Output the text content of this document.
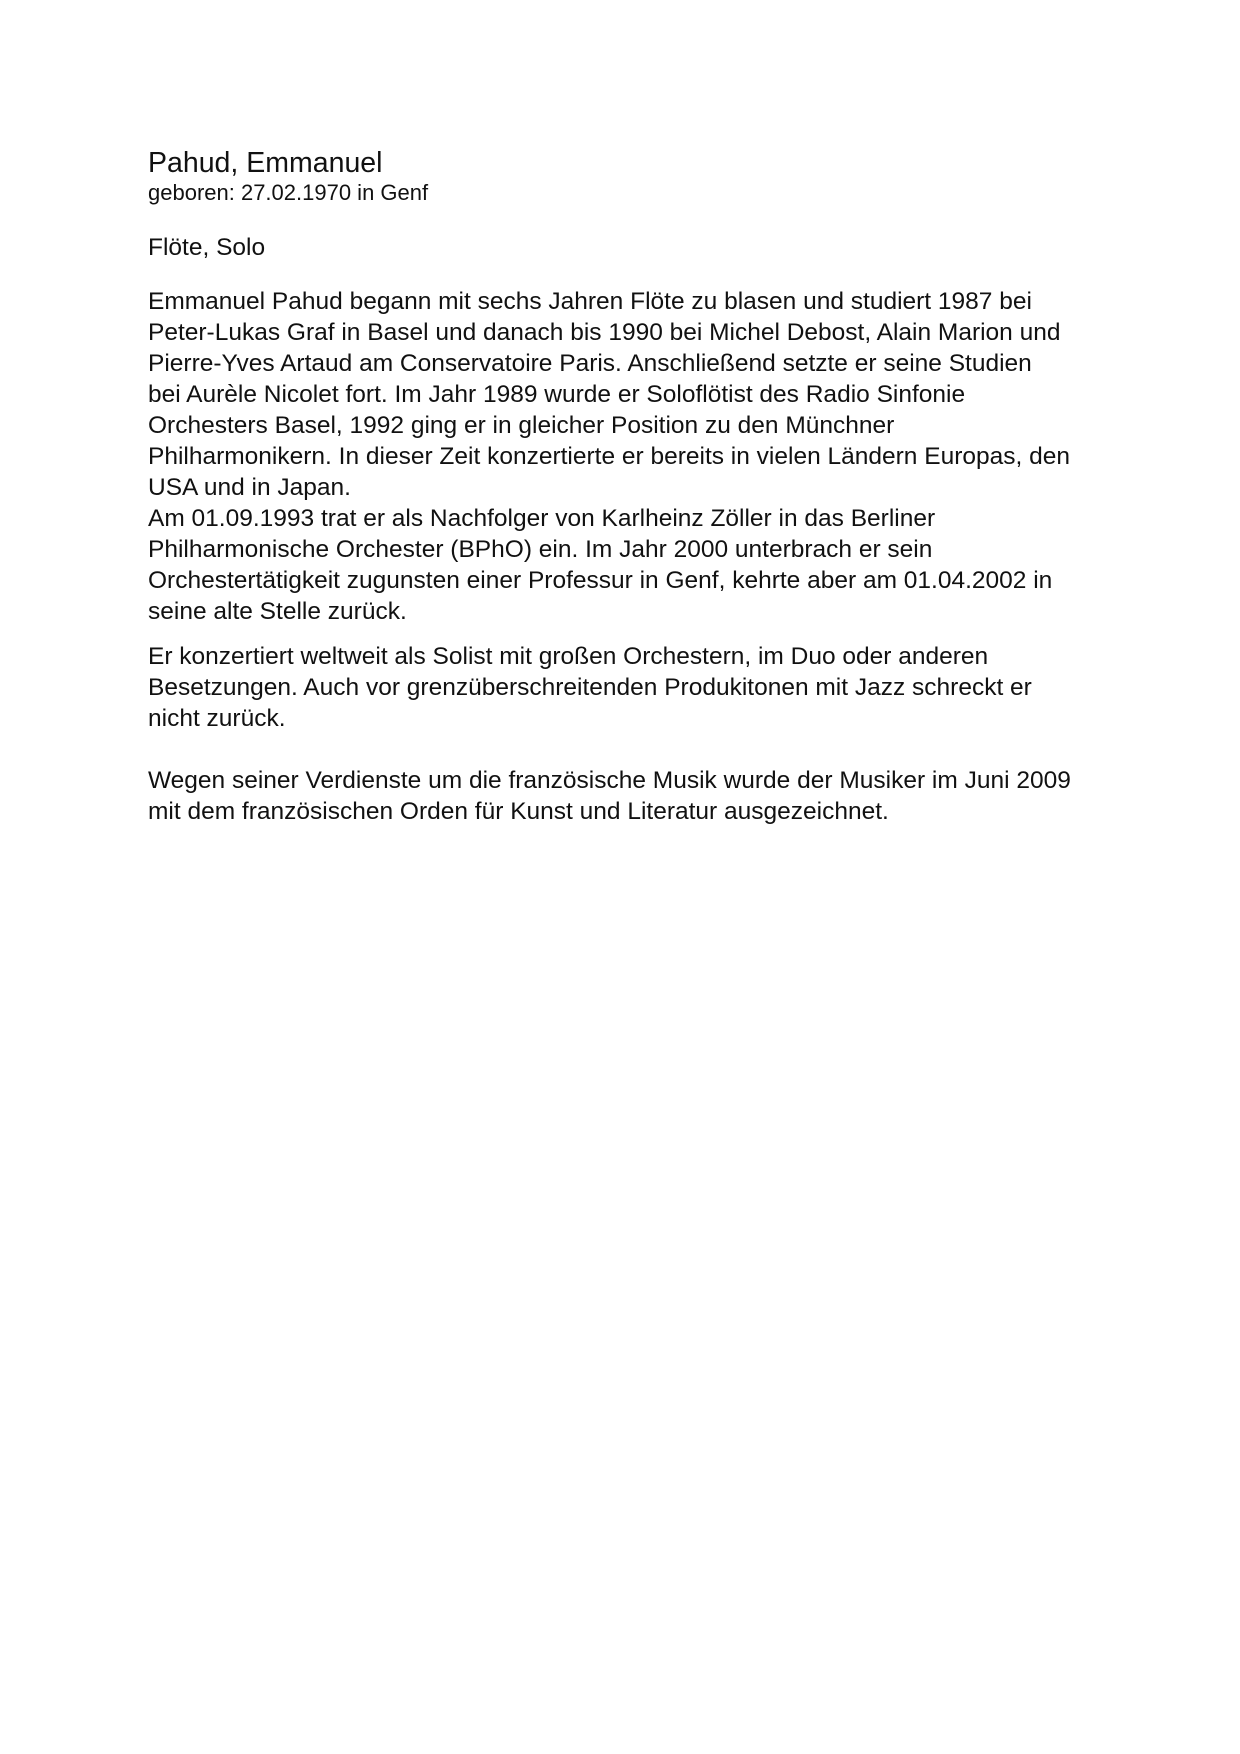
Pahud, Emmanuel

geboren: 27.02.1970 in Genf

Flöte, Solo

Emmanuel Pahud begann mit sechs Jahren Flöte zu blasen und studiert 1987 bei
Peter-Lukas Graf in Basel und danach bis 1990 bei Michel Debost, Alain Marion und
Pierre-Yves Artaud am Conservatoire Paris. Anschließend setzte er seine Studien
bei Aurèle Nicolet fort. Im Jahr 1989 wurde er Soloflötist des Radio Sinfonie
Orchesters Basel, 1992 ging er in gleicher Position zu den Münchner
Philharmonikern. In dieser Zeit konzertierte er bereits in vielen Ländern Europas, den
USA und in Japan.

Am 01.09.1993 trat er als Nachfolger von Karlheinz Zöller in das Berliner
Philharmonische Orchester (BPhO) ein. Im Jahr 2000 unterbrach er sein
Orchestertätigkeit zugunsten einer Professur in Genf, kehrte aber am 01.04.2002 in
seine alte Stelle zurück.

Er konzertiert weltweit als Solist mit großen Orchestern, im Duo oder anderen
Besetzungen. Auch vor grenzüberschreitenden Produkitonen mit Jazz schreckt er
nicht zurück.

Wegen seiner Verdienste um die französische Musik wurde der Musiker im Juni 2009
mit dem französischen Orden für Kunst und Literatur ausgezeichnet.
